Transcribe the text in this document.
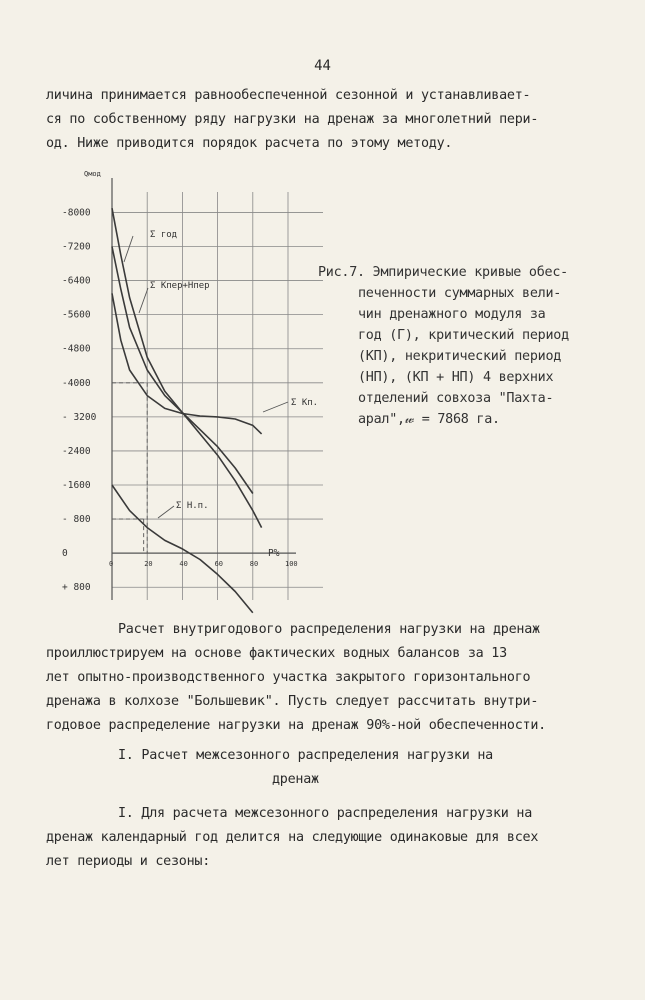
44
личина принимается равнообеспеченной сезонной и устанавливает-
ся по собственному ряду нагрузки на дренаж за многолетний пери-
од. Ниже приводится порядок расчета по этому методу.
-8000
-7200
-6400
-5600
-4800
-4000
- 3200
-2400
-1600
- 800
0
+ 800
0	20	40	60	80	100
Qмод
P%
Σ год
Σ Кпер+Нпер
Σ Кп.
Σ Н.п.
Рис.7. Эмпирические кривые обес-
печенности суммарных вели-
чин дренажного модуля за
год (Г), критический период
(КП), некритический период
(НП), (КП + НП) 4 верхних
отделений совхоза "Пахта-
арал",𝓌 = 7868 га.
Расчет внутригодового распределения нагрузки на дренаж
проиллюстрируем на основе фактических водных балансов за 13
лет опытно-производственного участка закрытого горизонтального
дренажа в колхозе "Большевик". Пусть следует рассчитать внутри-
годовое распределение нагрузки на дренаж 90%-ной обеспеченности.
I. Расчет межсезонного распределения нагрузки на
дренаж
I. Для расчета межсезонного распределения нагрузки на
дренаж календарный год делится на следующие одинаковые для всех
лет периоды и сезоны:
